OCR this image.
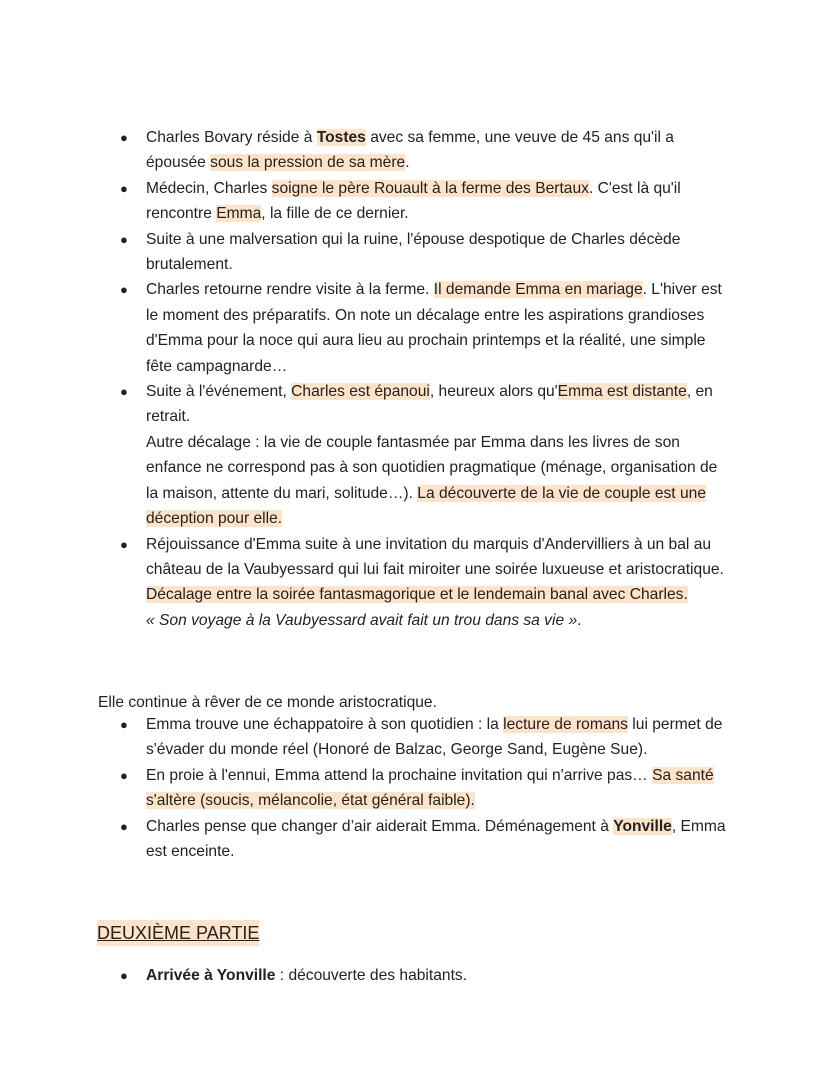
● Charles Bovary réside à Tostes avec sa femme, une veuve de 45 ans qu'il a épousée sous la pression de sa mère.
● Médecin, Charles soigne le père Rouault à la ferme des Bertaux. C'est là qu'il rencontre Emma, la fille de ce dernier.
● Suite à une malversation qui la ruine, l'épouse despotique de Charles décède brutalement.
● Charles retourne rendre visite à la ferme. Il demande Emma en mariage. L'hiver est le moment des préparatifs. On note un décalage entre les aspirations grandioses d'Emma pour la noce qui aura lieu au prochain printemps et la réalité, une simple fête campagnarde…
● Suite à l'événement, Charles est épanoui, heureux alors qu'Emma est distante, en retrait.
Autre décalage : la vie de couple fantasmée par Emma dans les livres de son enfance ne correspond pas à son quotidien pragmatique (ménage, organisation de la maison, attente du mari, solitude…). La découverte de la vie de couple est une déception pour elle.
● Réjouissance d'Emma suite à une invitation du marquis d'Andervilliers à un bal au château de la Vaubyessard qui lui fait miroiter une soirée luxueuse et aristocratique.
Décalage entre la soirée fantasmagorique et le lendemain banal avec Charles.
« Son voyage à la Vaubyessard avait fait un trou dans sa vie ».

Elle continue à rêver de ce monde aristocratique.

● Emma trouve une échappatoire à son quotidien : la lecture de romans lui permet de s'évader du monde réel (Honoré de Balzac, George Sand, Eugène Sue).
● En proie à l'ennui, Emma attend la prochaine invitation qui n'arrive pas… Sa santé s'altère (soucis, mélancolie, état général faible).
● Charles pense que changer d’air aiderait Emma. Déménagement à Yonville, Emma est enceinte.
DEUXIÈME PARTIE
● Arrivée à Yonville : découverte des habitants.
